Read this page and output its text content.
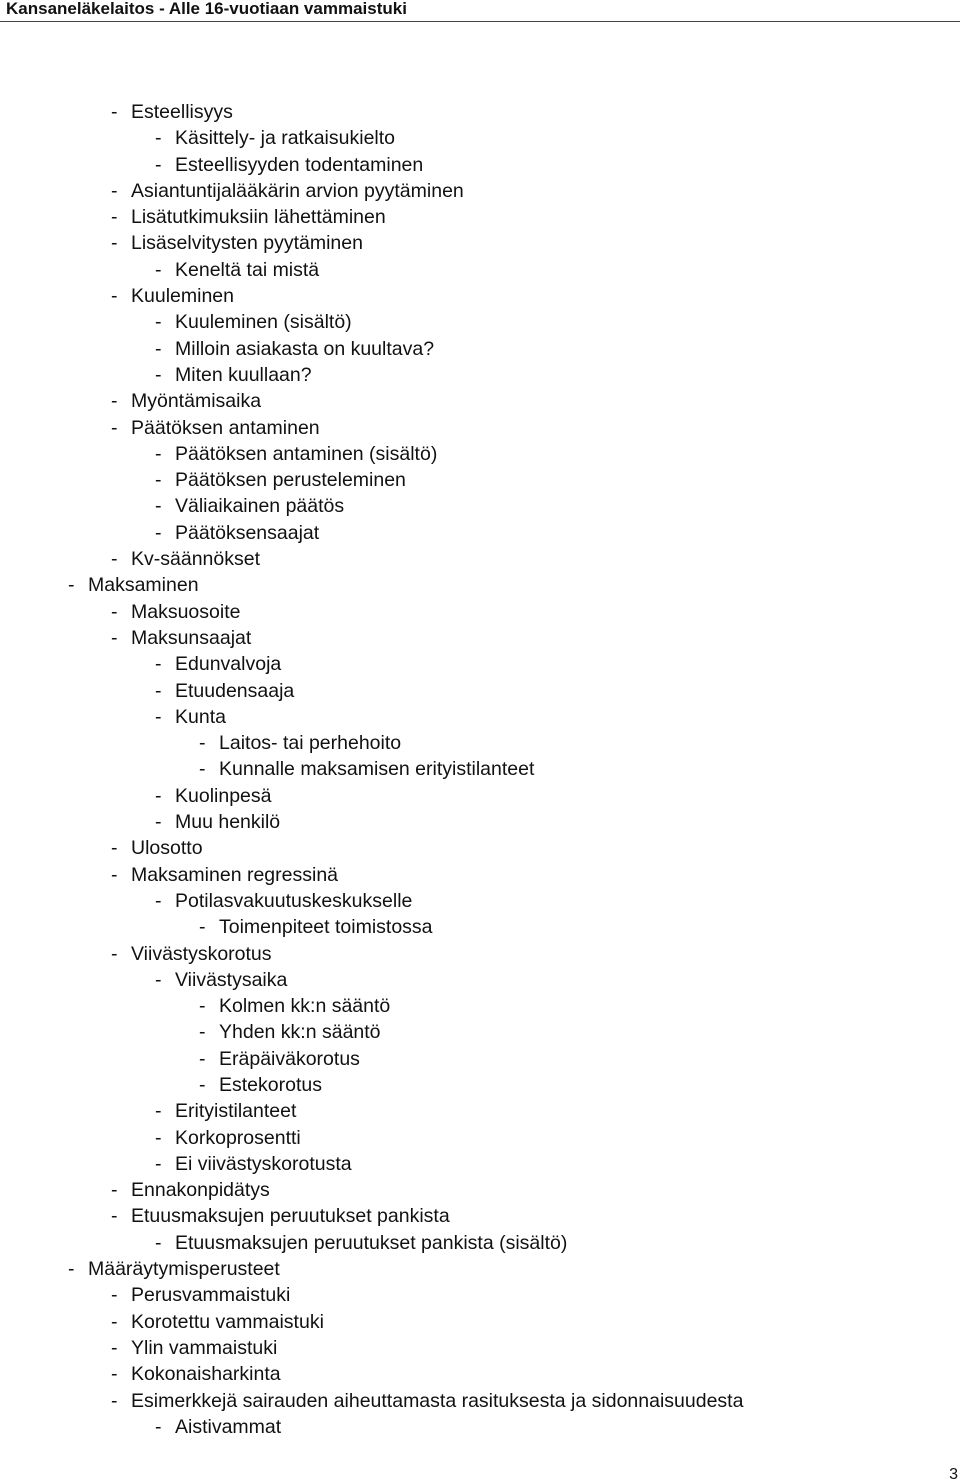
Kansaneläkelaitos - Alle 16-vuotiaan vammaistuki
- Esteellisyys
- Käsittely- ja ratkaisukielto
- Esteellisyyden todentaminen
- Asiantuntijalääkärin arvion pyytäminen
- Lisätutkimuksiin lähettäminen
- Lisäselvitysten pyytäminen
- Keneltä tai mistä
- Kuuleminen
- Kuuleminen (sisältö)
- Milloin asiakasta on kuultava?
- Miten kuullaan?
- Myöntämisaika
- Päätöksen antaminen
- Päätöksen antaminen (sisältö)
- Päätöksen perusteleminen
- Väliaikainen päätös
- Päätöksensaajat
- Kv-säännökset
- Maksaminen
- Maksuosoite
- Maksunsaajat
- Edunvalvoja
- Etuudensaaja
- Kunta
- Laitos- tai perhehoito
- Kunnalle maksamisen erityistilanteet
- Kuolinpesä
- Muu henkilö
- Ulosotto
- Maksaminen regressinä
- Potilasvakuutuskeskukselle
- Toimenpiteet toimistossa
- Viivästyskorotus
- Viivästysaika
- Kolmen kk:n sääntö
- Yhden kk:n sääntö
- Eräpäiväkorotus
- Estekorotus
- Erityistilanteet
- Korkoprosentti
- Ei viivästyskorotusta
- Ennakonpidätys
- Etuusmaksujen peruutukset pankista
- Etuusmaksujen peruutukset pankista (sisältö)
- Määräytymisperusteet
- Perusvammaistuki
- Korotettu vammaistuki
- Ylin vammaistuki
- Kokonaisharkinta
- Esimerkkejä sairauden aiheuttamasta rasituksesta ja sidonnaisuudesta
- Aistivammat
3
